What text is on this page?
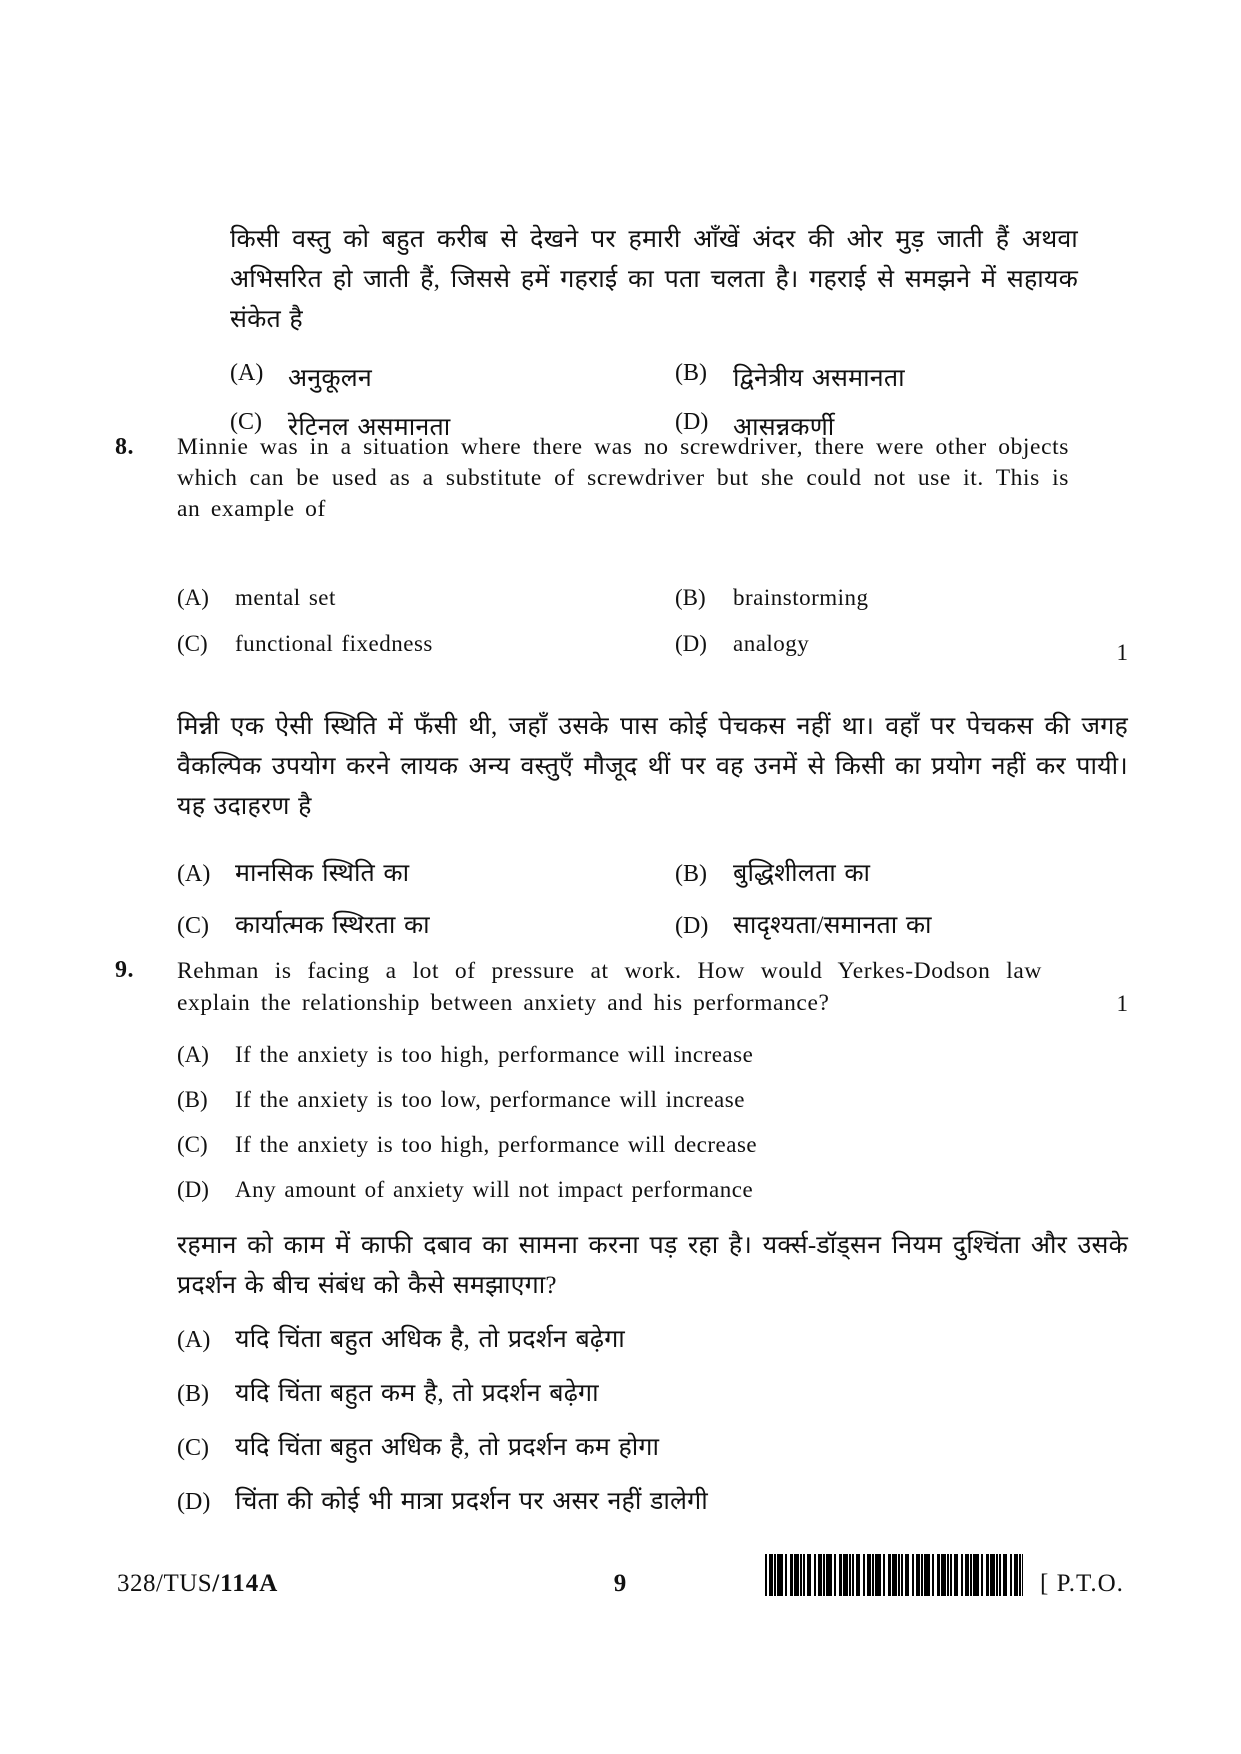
किसी वस्तु को बहुत करीब से देखने पर हमारी आँखें अंदर की ओर मुड़ जाती हैं अथवा अभिसरित हो जाती हैं, जिससे हमें गहराई का पता चलता है। गहराई से समझने में सहायक संकेत है
(A) अनुकूलन	(B)	द्विनेत्रीय असमानता
(C)	रेटिनल असमानता	(D) आसन्नकर्णी
8.	Minnie was in a situation where there was no screwdriver, there were other objects which can be used as a substitute of screwdriver but she could not use it. This is an example of
(A)	mental set	(B)	brainstorming
(C)	functional fixedness	(D)	analogy
मिन्नी एक ऐसी स्थिति में फँसी थी, जहाँ उसके पास कोई पेचकस नहीं था। वहाँ पर पेचकस की जगह वैकल्पिक उपयोग करने लायक अन्य वस्तुएँ मौजूद थीं पर वह उनमें से किसी का प्रयोग नहीं कर पायी। यह उदाहरण है
(A) मानसिक स्थिति का	(B)	बुद्धिशीलता का
(C)	कार्यात्मक स्थिरता का	(D) सादृश्यता/समानता का
1
9.	Rehman is facing a lot of pressure at work. How would Yerkes-Dodson law explain the relationship between anxiety and his performance?
(A)	If the anxiety is too high, performance will increase
(B)	If the anxiety is too low, performance will increase
(C)	If the anxiety is too high, performance will decrease
(D)	Any amount of anxiety will not impact performance
रहमान को काम में काफी दबाव का सामना करना पड़ रहा है। यर्क्स-डॉड्सन नियम दुश्चिंता और उसके प्रदर्शन के बीच संबंध को कैसे समझाएगा?
(A) यदि चिंता बहुत अधिक है, तो प्रदर्शन बढ़ेगा
(B)	यदि चिंता बहुत कम है, तो प्रदर्शन बढ़ेगा
(C)	यदि चिंता बहुत अधिक है, तो प्रदर्शन कम होगा
(D) चिंता की कोई भी मात्रा प्रदर्शन पर असर नहीं डालेगी
1
328/TUS/114A	9	[ P.T.O.
